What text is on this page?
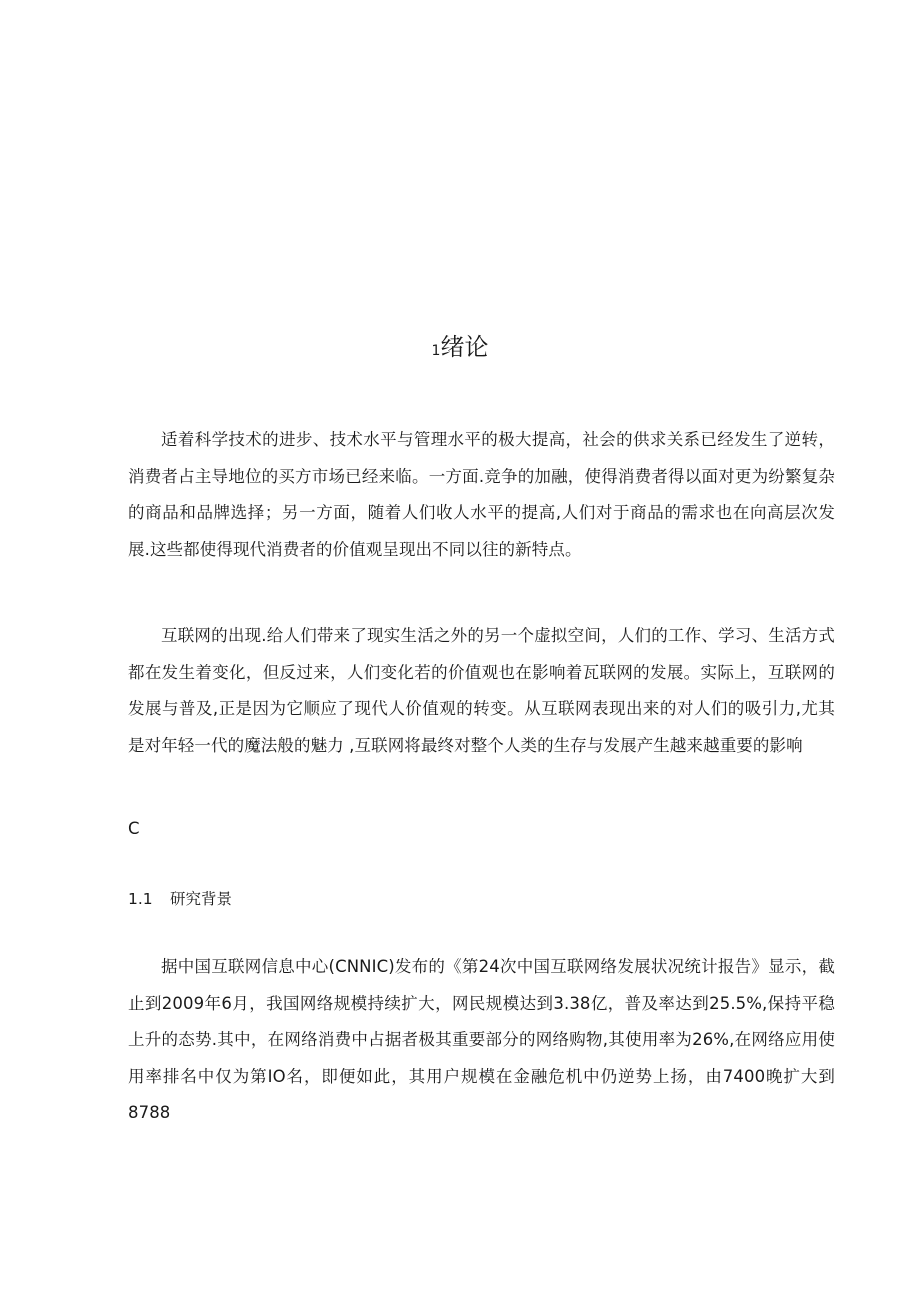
1绪论

适着科学技术的进步、技术水平与管理水平的极大提高，社会的供求关系已经发生了逆转，消费者占主导地位的买方市场已经来临。一方面.竞争的加融，使得消费者得以面对更为纷繁复杂的商品和品牌选择；另一方面，随着人们收人水平的提高,人们对于商品的需求也在向高层次发展.这些都使得现代消费者的价值观呈现出不同以往的新特点。

互联网的出现.给人们带来了现实生活之外的另一个虚拟空间，人们的工作、学习、生活方式都在发生着变化，但反过来，人们变化若的价值观也在影响着瓦联网的发展。实际上，互联网的发展与普及,正是因为它顺应了现代人价值观的转变。从互联网表现出来的对人们的吸引力,尤其是对年轻一代的魔法般的魅力 ,互联网将最终对整个人类的生存与发展产生越来越重要的影响

C

1.1 研究背景

据中国互联网信息中心(CNNIC)发布的《第24次中国互联网络发展状况统计报告》显示，截止到2009年6月，我国网络规模持续扩大，网民规模达到3.38亿，普及率达到25.5%,保持平稳上升的态势.其中，在网络消费中占据者极其重要部分的网络购物,其使用率为26%,在网络应用使用率排名中仅为第IO名，即便如此，其用户规模在金融危机中仍逆势上扬，由7400晚扩大到8788
